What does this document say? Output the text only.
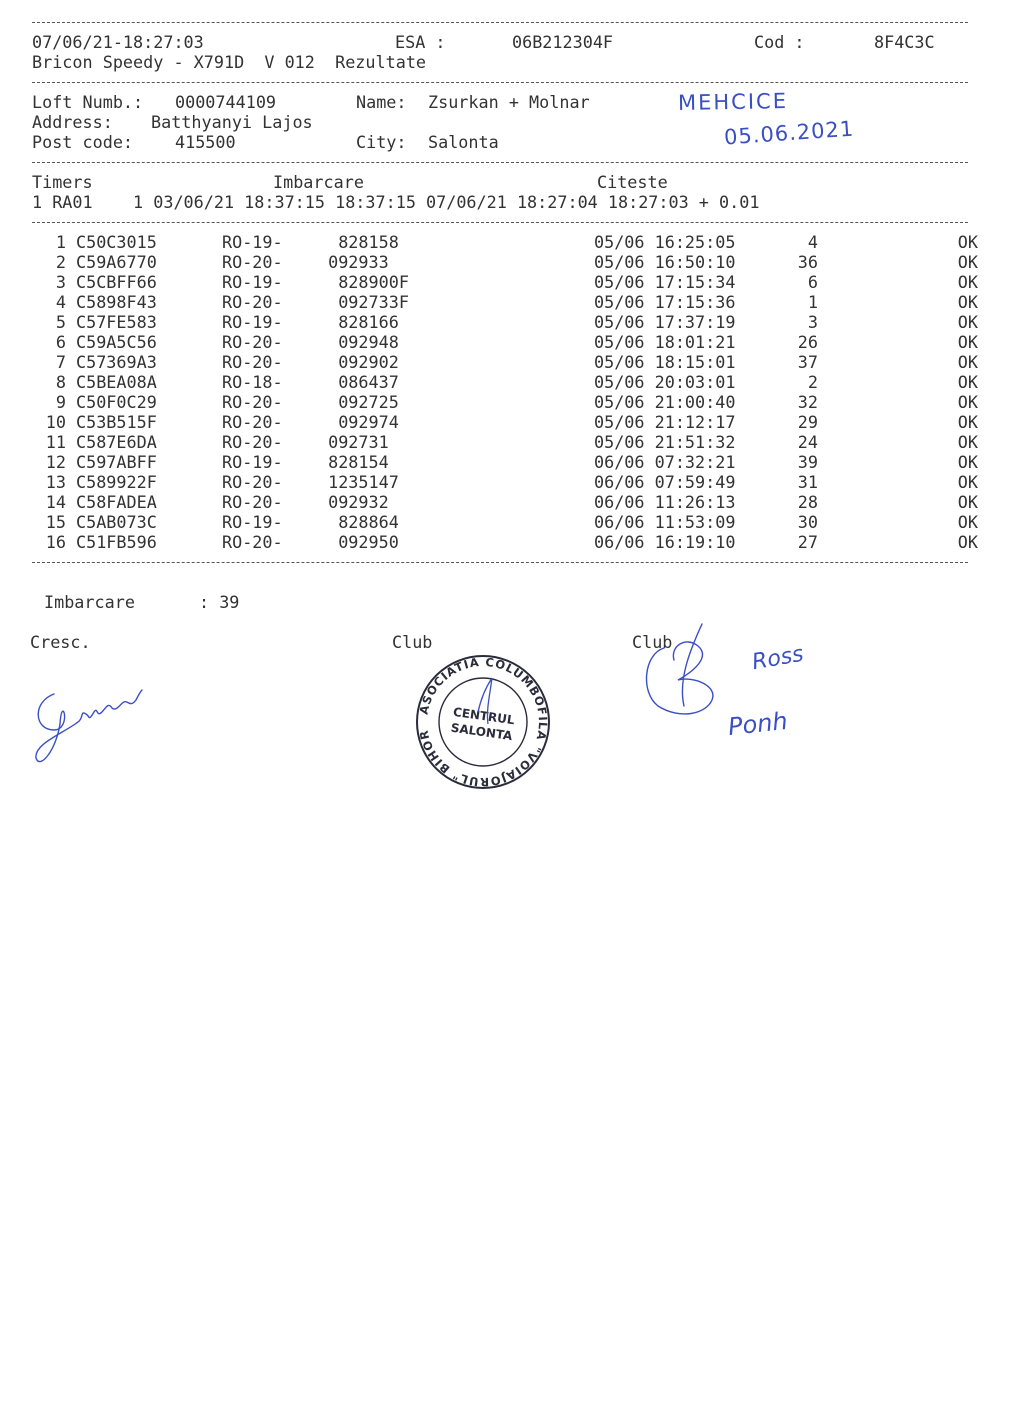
07/06/21-18:27:03	ESA :	06B212304F	Cod :	8F4C3C
Bricon Speedy - X791D  V 012  Rezultate
Loft Numb.: 0000744109	Name: Zsurkan + Molnar
Address: Batthyanyi Lajos
Post code: 415500	City: Salonta
MEHCICE
05.06.2021
Timers	Imbarcare	Citeste
1 RA01    1 03/06/21 18:37:15 18:37:15 07/06/21 18:27:04 18:27:03 + 0.01
1	C50C3015	RO-19-	828158	05/06 16:25:05	4	OK
2	C59A6770	RO-20-	092933	05/06 16:50:10	36	OK
3	C5CBFF66	RO-19-	828900F	05/06 17:15:34	6	OK
4	C5898F43	RO-20-	092733F	05/06 17:15:36	1	OK
5	C57FE583	RO-19-	828166	05/06 17:37:19	3	OK
6	C59A5C56	RO-20-	092948	05/06 18:01:21	26	OK
7	C57369A3	RO-20-	092902	05/06 18:15:01	37	OK
8	C5BEA08A	RO-18-	086437	05/06 20:03:01	2	OK
9	C50F0C29	RO-20-	092725	05/06 21:00:40	32	OK
10	C53B515F	RO-20-	092974	05/06 21:12:17	29	OK
11	C587E6DA	RO-20-	092731	05/06 21:51:32	24	OK
12	C597ABFF	RO-19-	828154	06/06 07:32:21	39	OK
13	C589922F	RO-20-	1235147	06/06 07:59:49	31	OK
14	C58FADEA	RO-20-	092932	06/06 11:26:13	28	OK
15	C5AB073C	RO-19-	828864	06/06 11:53:09	30	OK
16	C51FB596	RO-20-	092950	06/06 16:19:10	27	OK
Imbarcare	: 39
Cresc.	Club	Club
ASOCIATIA COLUMBOFILA "VOIAJORUL" BIHOR
CENTRUL
SALONTA
Ross
Ponh
